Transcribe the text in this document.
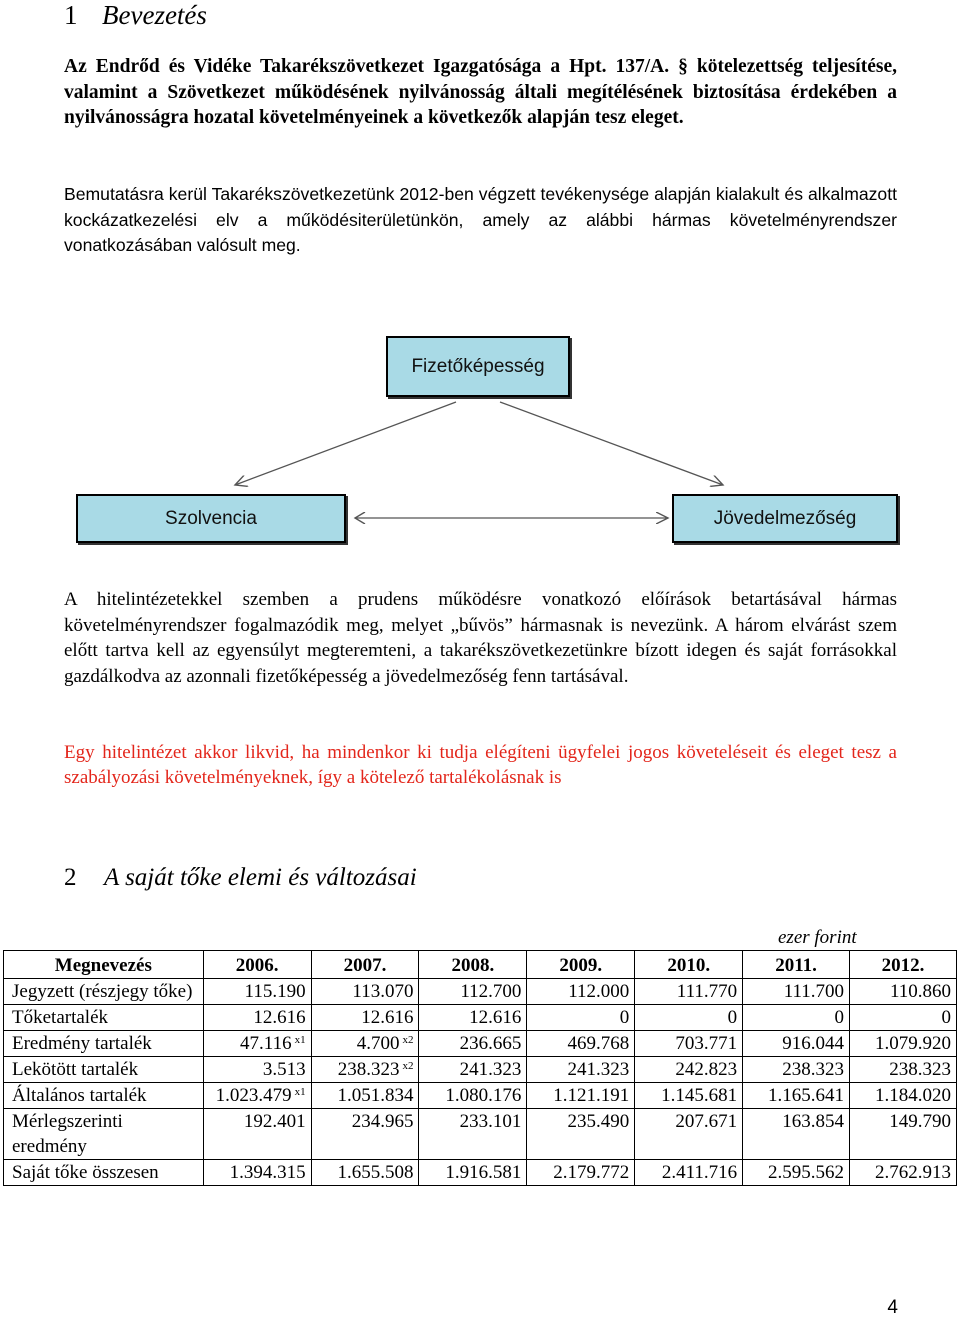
1 Bevezetés
Az Endrőd és Vidéke Takarékszövetkezet Igazgatósága a Hpt. 137/A. § kötelezettség teljesítése, valamint a Szövetkezet működésének nyilvánosság általi megítélésének biztosítása érdekében a nyilvánosságra hozatal követelményeinek a következők alapján tesz eleget.
Bemutatásra kerül Takarékszövetkezetünk 2012-ben végzett tevékenysége alapján kialakult és alkalmazott kockázatkezelési elv a működésiterületünkön, amely az alábbi hármas követelményrendszer vonatkozásában valósult meg.
Fizetőképesség
Szolvencia	Jövedelmezőség
A hitelintézetekkel szemben a prudens működésre vonatkozó előírások betartásával hármas követelményrendszer fogalmazódik meg, melyet „bűvös” hármasnak is nevezünk. A három elvárást szem előtt tartva kell az egyensúlyt megteremteni, a takarékszövetkezetünkre bízott idegen és saját forrásokkal gazdálkodva az azonnali fizetőképesség a jövedelmezőség fenn tartásával.
Egy hitelintézet akkor likvid, ha mindenkor ki tudja elégíteni ügyfelei jogos követeléseit és eleget tesz a szabályozási követelményeknek, így a kötelező tartalékolásnak is
2 A saját tőke elemi és változásai
ezer forint
Megnevezés	2006.	2007.	2008.	2009.	2010.	2011.	2012.
Jegyzett (részjegy tőke)	115.190	113.070	112.700	112.000	111.770	111.700	110.860
Tőketartalék	12.616	12.616	12.616	0	0	0	0
Eredmény tartalék	47.116 $^{x1}$	4.700 $^{x2}$	236.665	469.768	703.771	916.044	1.079.920
Lekötött tartalék	3.513	238.323 $^{x2}$	241.323	241.323	242.823	238.323	238.323
Általános tartalék	1.023.479 $^{x1}$	1.051.834	1.080.176	1.121.191	1.145.681	1.165.641	1.184.020
Mérlegszerinti eredmény	192.401	234.965	233.101	235.490	207.671	163.854	149.790
Saját tőke összesen	1.394.315	1.655.508	1.916.581	2.179.772	2.411.716	2.595.562	2.762.913
4
